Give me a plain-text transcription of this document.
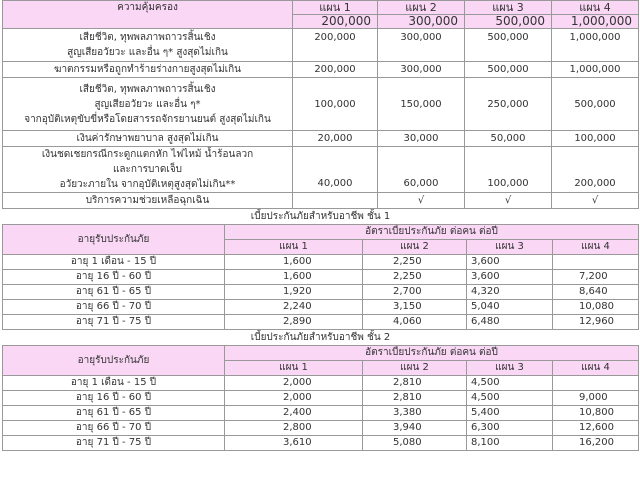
ความคุ้มครอง	แผน 1	แผน 2	แผน 3	แผน 4
	200,000	300,000	500,000	1,000,000

เสียชีวิต, ทุพพลภาพถาวรสิ้นเชิง
สูญเสียอวัยวะ และอื่น ๆ* สูงสุดไม่เกิน	200,000	300,000	500,000	1,000,000
ฆาตกรรมหรือถูกทำร้ายร่างกายสูงสุดไม่เกิน	200,000	300,000	500,000	1,000,000

เสียชีวิต, ทุพพลภาพถาวรสิ้นเชิง
สูญเสียอวัยวะ และอื่น ๆ*
จากอุบัติเหตุขับขี่หรือโดยสารรถจักรยานยนต์ สูงสุดไม่เกิน	100,000	150,000	250,000	500,000
เงินค่ารักษาพยาบาล สูงสุดไม่เกิน	20,000	30,000	50,000	100,000

เงินชดเชยกรณีกระดูกแตกหัก ไฟไหม้ น้ำร้อนลวก
และการบาดเจ็บ
อวัยวะภายใน จากอุบัติเหตุสูงสุดไม่เกิน**	40,000	60,000	100,000	200,000
บริการความช่วยเหลือฉุกเฉิน		√	√	√
เบี้ยประกันภัยสำหรับอาชีพ ชั้น 1				
อายุรับประกันภัย	อัตราเบี้ยประกันภัย ต่อคน ต่อปี			
	แผน 1	แผน 2	แผน 3	แผน 4
อายุ 1 เดือน - 15 ปี	1,600	2,250	3,600	
อายุ 16 ปี - 60 ปี	1,600	2,250	3,600	7,200
อายุ 61 ปี - 65 ปี	1,920	2,700	4,320	8,640
อายุ 66 ปี - 70 ปี	2,240	3,150	5,040	10,080
อายุ 71 ปี - 75 ปี	2,890	4,060	6,480	12,960
เบี้ยประกันภัยสำหรับอาชีพ ชั้น 2				
อายุรับประกันภัย	อัตราเบี้ยประกันภัย ต่อคน ต่อปี			
	แผน 1	แผน 2	แผน 3	แผน 4
อายุ 1 เดือน - 15 ปี	2,000	2,810	4,500	
อายุ 16 ปี - 60 ปี	2,000	2,810	4,500	9,000
อายุ 61 ปี - 65 ปี	2,400	3,380	5,400	10,800
อายุ 66 ปี - 70 ปี	2,800	3,940	6,300	12,600
อายุ 71 ปี - 75 ปี	3,610	5,080	8,100	16,200
